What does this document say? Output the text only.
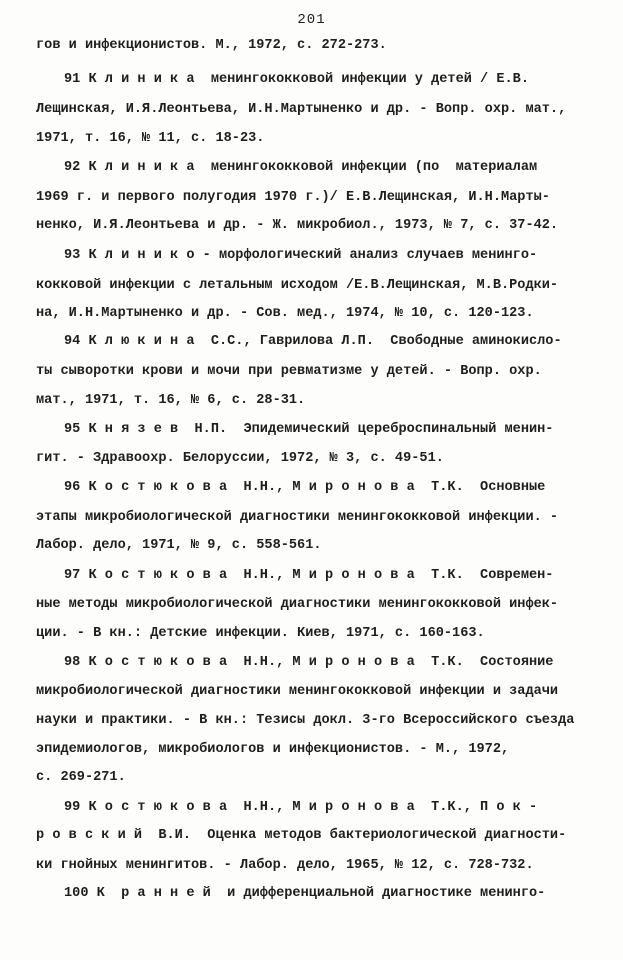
201
гов и инфекционистов. М., 1972, с. 272-273.
91 К л и н и к а  менингококковой инфекции у детей / Е.В.
Лещинская, И.Я.Леонтьева, И.Н.Мартыненко и др. - Вопр. охр. мат.,
1971, т. 16, № 11, с. 18-23.
92 К л и н и к а  менингококковой инфекции (по  материалам
1969 г. и первого полугодия 1970 г.)/ Е.В.Лещинская, И.Н.Марты-
ненко, И.Я.Леонтьева и др. - Ж. микробиол., 1973, № 7, с. 37-42.
93 К л и н и к о - морфологический анализ случаев менинго-
кокковой инфекции с летальным исходом /Е.В.Лещинская, М.В.Родки-
на, И.Н.Мартыненко и др. - Сов. мед., 1974, № 10, с. 120-123.
94 К л ю к и н а  С.С., Гаврилова Л.П.  Свободные аминокисло-
ты сыворотки крови и мочи при ревматизме у детей. - Вопр. охр.
мат., 1971, т. 16, № 6, с. 28-31.
95 К н я з е в  Н.П.  Эпидемический цереброспинальный менин-
гит. - Здравоохр. Белоруссии, 1972, № 3, с. 49-51.
96 К о с т ю к о в а  Н.Н., М и р о н о в а  Т.К.  Основные
этапы микробиологической диагностики менингококковой инфекции. -
Лабор. дело, 1971, № 9, с. 558-561.
97 К о с т ю к о в а  Н.Н., М и р о н о в а  Т.К.  Современ-
ные методы микробиологической диагностики менингококковой инфек-
ции. - В кн.: Детские инфекции. Киев, 1971, с. 160-163.
98 К о с т ю к о в а  Н.Н., М и р о н о в а  Т.К.  Состояние
микробиологической диагностики менингококковой инфекции и задачи
науки и практики. - В кн.: Тезисы докл. 3-го Всероссийского съезда
эпидемиологов, микробиологов и инфекционистов. - М., 1972,
с. 269-271.
99 К о с т ю к о в а  Н.Н., М и р о н о в а  Т.К., П о к -
р о в с к и й  В.И.  Оценка методов бактериологической диагности-
ки гнойных менингитов. - Лабор. дело, 1965, № 12, с. 728-732.
100 К  р а н н е й  и дифференциальной диагностике менинго-
